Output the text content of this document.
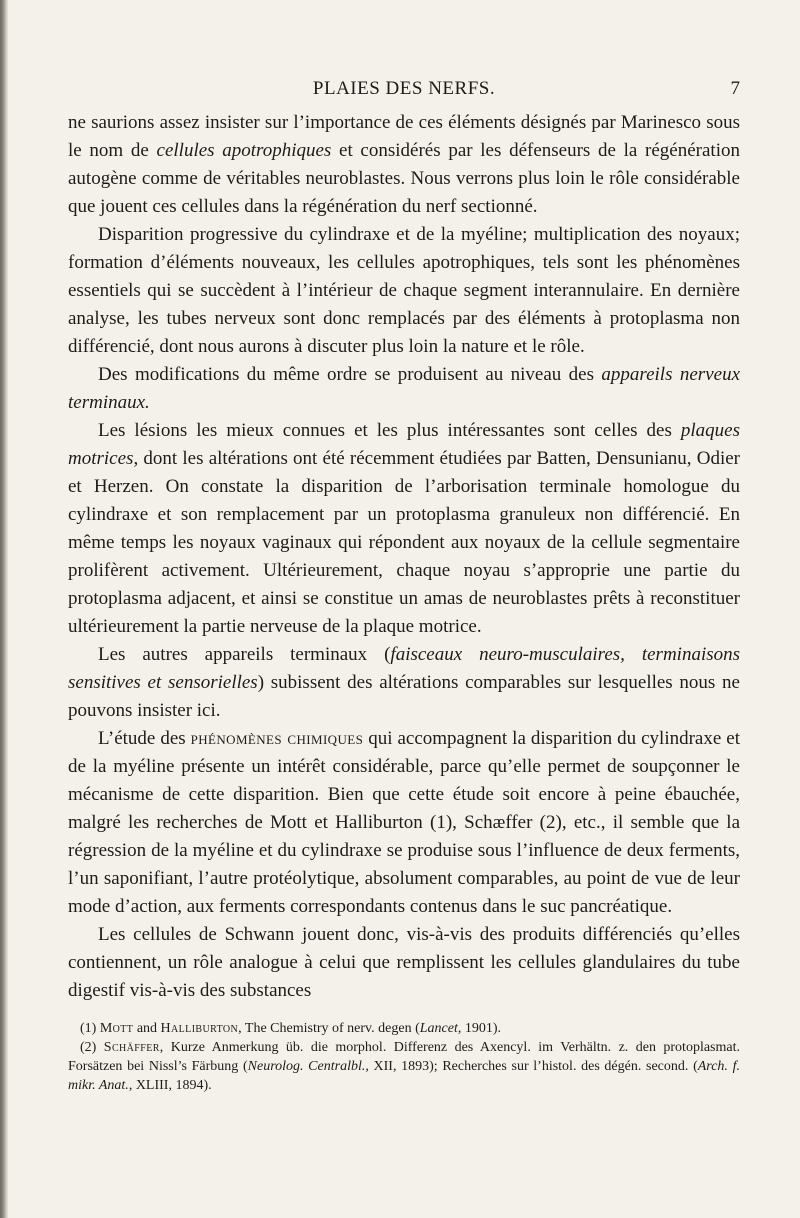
PLAIES DES NERFS.	7

ne saurions assez insister sur l’importance de ces éléments désignés par Marinesco sous le nom de cellules apotrophiques et considérés par les défenseurs de la régénération autogène comme de véritables neuroblastes. Nous verrons plus loin le rôle considérable que jouent ces cellules dans la régénération du nerf sectionné.

Disparition progressive du cylindraxe et de la myéline; multiplication des noyaux; formation d’éléments nouveaux, les cellules apotrophiques, tels sont les phénomènes essentiels qui se succèdent à l’intérieur de chaque segment interannulaire. En dernière analyse, les tubes nerveux sont donc remplacés par des éléments à protoplasma non différencié, dont nous aurons à discuter plus loin la nature et le rôle.

Des modifications du même ordre se produisent au niveau des appareils nerveux terminaux.

Les lésions les mieux connues et les plus intéressantes sont celles des plaques motrices, dont les altérations ont été récemment étudiées par Batten, Densunianu, Odier et Herzen. On constate la disparition de l’arborisation terminale homologue du cylindraxe et son remplacement par un protoplasma granuleux non différencié. En même temps les noyaux vaginaux qui répondent aux noyaux de la cellule segmentaire prolifèrent activement. Ultérieurement, chaque noyau s’approprie une partie du protoplasma adjacent, et ainsi se constitue un amas de neuroblastes prêts à reconstituer ultérieurement la partie nerveuse de la plaque motrice.

Les autres appareils terminaux (faisceaux neuro-musculaires, terminaisons sensitives et sensorielles) subissent des altérations comparables sur lesquelles nous ne pouvons insister ici.

L’étude des phénomènes chimiques qui accompagnent la disparition du cylindraxe et de la myéline présente un intérêt considérable, parce qu’elle permet de soupçonner le mécanisme de cette disparition. Bien que cette étude soit encore à peine ébauchée, malgré les recherches de Mott et Halliburton (1), Schæffer (2), etc., il semble que la régression de la myéline et du cylindraxe se produise sous l’influence de deux ferments, l’un saponifiant, l’autre protéolytique, absolument comparables, au point de vue de leur mode d’action, aux ferments correspondants contenus dans le suc pancréatique.

Les cellules de Schwann jouent donc, vis-à-vis des produits différenciés qu’elles contiennent, un rôle analogue à celui que remplissent les cellules glandulaires du tube digestif vis-à-vis des substances

(1) Mott and Halliburton, The Chemistry of nerv. degen (Lancet, 1901).

(2) Schäffer, Kurze Anmerkung üb. die morphol. Differenz des Axencyl. im Verhältn. z. den protoplasmat. Forsätzen bei Nissl’s Färbung (Neurolog. Centralbl., XII, 1893); Recherches sur l’histol. des dégén. second. (Arch. f. mikr. Anat., XLIII, 1894).
